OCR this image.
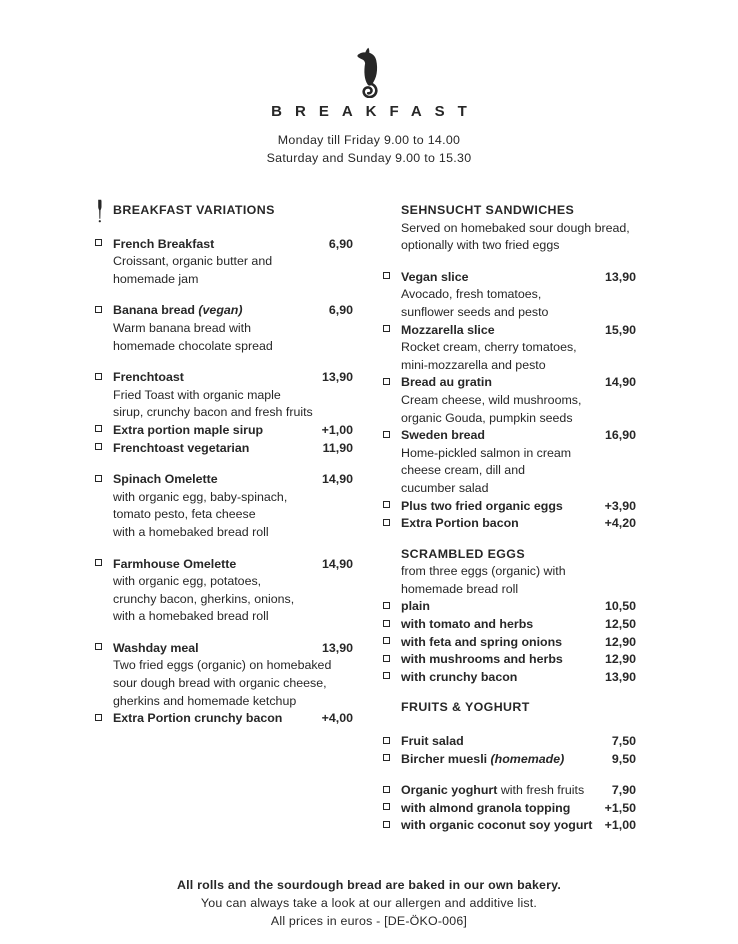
BREAKFAST
Monday till Friday 9.00 to 14.00
Saturday and Sunday 9.00 to 15.30
BREAKFAST VARIATIONS
French Breakfast	6,90
Croissant, organic butter and
homemade jam
Banana bread (vegan)	6,90
Warm banana bread with
homemade chocolate spread
Frenchtoast	13,90
Fried Toast with organic maple
sirup, crunchy bacon and fresh fruits
Extra portion maple sirup	+1,00
Frenchtoast vegetarian	11,90
Spinach Omelette	14,90
with organic egg, baby-spinach,
tomato pesto, feta cheese
with a homebaked bread roll
Farmhouse Omelette	14,90
with organic egg, potatoes,
crunchy bacon, gherkins, onions,
with a homebaked bread roll
Washday meal	13,90
Two fried eggs (organic) on homebaked
sour dough bread with organic cheese,
gherkins and homemade ketchup
Extra Portion crunchy bacon	+4,00
SEHNSUCHT SANDWICHES
Served on homebaked sour dough bread,
optionally with two fried eggs
Vegan slice	13,90
Avocado, fresh tomatoes,
sunflower seeds and pesto
Mozzarella slice	15,90
Rocket cream, cherry tomatoes,
mini-mozzarella and pesto
Bread au gratin	14,90
Cream cheese, wild mushrooms,
organic Gouda, pumpkin seeds
Sweden bread	16,90
Home-pickled salmon in cream
cheese cream, dill and
cucumber salad
Plus two fried organic eggs	+3,90
Extra Portion bacon	+4,20
SCRAMBLED EGGS
from three eggs (organic) with
homemade bread roll
plain	10,50
with tomato and herbs	12,50
with feta and spring onions	12,90
with mushrooms and herbs	12,90
with crunchy bacon	13,90
FRUITS & YOGHURT
Fruit salad	7,50
Bircher muesli (homemade)	9,50
Organic yoghurt with fresh fruits	7,90
with almond granola topping	+1,50
with organic coconut soy yogurt +1,00
All rolls and the sourdough bread are baked in our own bakery.
You can always take a look at our allergen and additive list.
All prices in euros - [DE-ÖKO-006]
